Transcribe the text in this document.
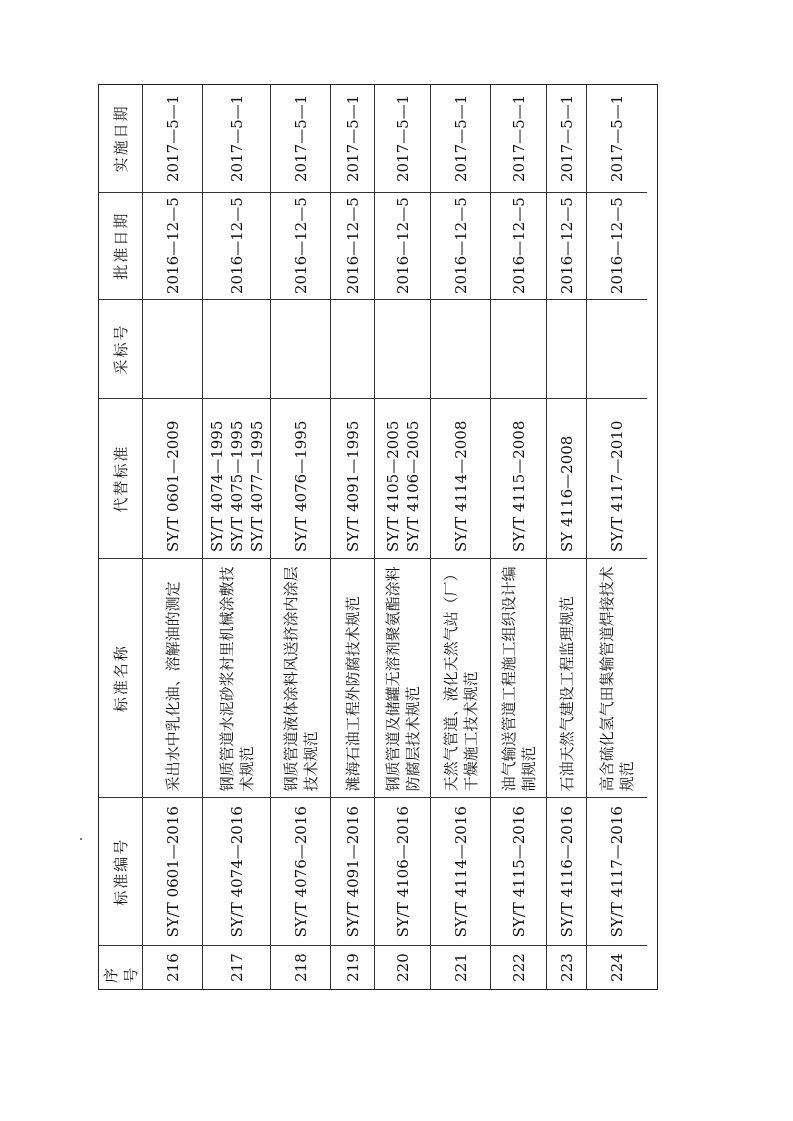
序号
标准编号
标准名称
代替标准
采标号
批准日期
实施日期
216
SY/T 0601—2016
采出水中乳化油、溶解油的测定
SY/T 0601—2009
2016—12—5
2017—5—1
217
SY/T 4074—2016
钢质管道水泥砂浆衬里机械涂敷技术规范
SY/T 4074—1995 SY/T 4075—1995 SY/T 4077—1995
2016—12—5
2017—5—1
218
SY/T 4076—2016
钢质管道液体涂料风送挤涂内涂层技术规范
SY/T 4076—1995
2016—12—5
2017—5—1
219
SY/T 4091—2016
滩海石油工程外防腐技术规范
SY/T 4091—1995
2016—12—5
2017—5—1
220
SY/T 4106—2016
钢质管道及储罐无溶剂聚氨酯涂料防腐层技术规范
SY/T 4105—2005 SY/T 4106—2005
2016—12—5
2017—5—1
221
SY/T 4114—2016
天然气管道、液化天然气站（厂）干燥施工技术规范
SY/T 4114—2008
2016—12—5
2017—5—1
222
SY/T 4115—2016
油气输送管道工程施工组织设计编制规范
SY/T 4115—2008
2016—12—5
2017—5—1
223
SY/T 4116—2016
石油天然气建设工程监理规范
SY 4116—2008
2016—12—5
2017—5—1
224
SY/T 4117—2016
高含硫化氢气田集输管道焊接技术规范
SY/T 4117—2010
2016—12—5
2017—5—1
